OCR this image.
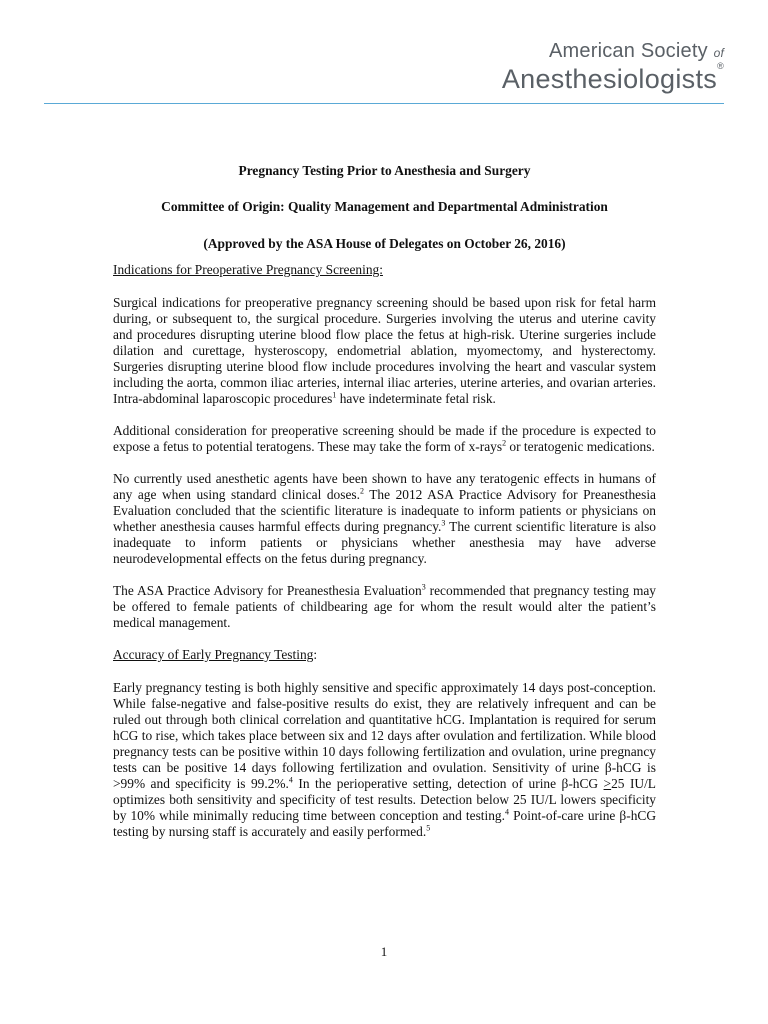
American Society of
Anesthesiologists®

Pregnancy Testing Prior to Anesthesia and Surgery

Committee of Origin: Quality Management and Departmental Administration

(Approved by the ASA House of Delegates on October 26, 2016)

Indications for Preoperative Pregnancy Screening:

Surgical indications for preoperative pregnancy screening should be based upon risk for fetal harm during, or subsequent to, the surgical procedure. Surgeries involving the uterus and uterine cavity and procedures disrupting uterine blood flow place the fetus at high-risk. Uterine surgeries include dilation and curettage, hysteroscopy, endometrial ablation, myomectomy, and hysterectomy. Surgeries disrupting uterine blood flow include procedures involving the heart and vascular system including the aorta, common iliac arteries, internal iliac arteries, uterine arteries, and ovarian arteries. Intra-abdominal laparoscopic procedures$^1$ have indeterminate fetal risk.

Additional consideration for preoperative screening should be made if the procedure is expected to expose a fetus to potential teratogens. These may take the form of x-rays$^2$ or teratogenic medications.

No currently used anesthetic agents have been shown to have any teratogenic effects in humans of any age when using standard clinical doses.$^2$ The 2012 ASA Practice Advisory for Preanesthesia Evaluation concluded that the scientific literature is inadequate to inform patients or physicians on whether anesthesia causes harmful effects during pregnancy.$^3$ The current scientific literature is also inadequate to inform patients or physicians whether anesthesia may have adverse neurodevelopmental effects on the fetus during pregnancy.

The ASA Practice Advisory for Preanesthesia Evaluation$^3$ recommended that pregnancy testing may be offered to female patients of childbearing age for whom the result would alter the patient’s medical management.

Accuracy of Early Pregnancy Testing:

Early pregnancy testing is both highly sensitive and specific approximately 14 days post-conception. While false-negative and false-positive results do exist, they are relatively infrequent and can be ruled out through both clinical correlation and quantitative hCG. Implantation is required for serum hCG to rise, which takes place between six and 12 days after ovulation and fertilization. While blood pregnancy tests can be positive within 10 days following fertilization and ovulation, urine pregnancy tests can be positive 14 days following fertilization and ovulation. Sensitivity of urine β-hCG is >99% and specificity is 99.2%.$^4$ In the perioperative setting, detection of urine β-hCG >25 IU/L optimizes both sensitivity and specificity of test results. Detection below 25 IU/L lowers specificity by 10% while minimally reducing time between conception and testing.$^4$ Point-of-care urine β-hCG testing by nursing staff is accurately and easily performed.$^5$

1
